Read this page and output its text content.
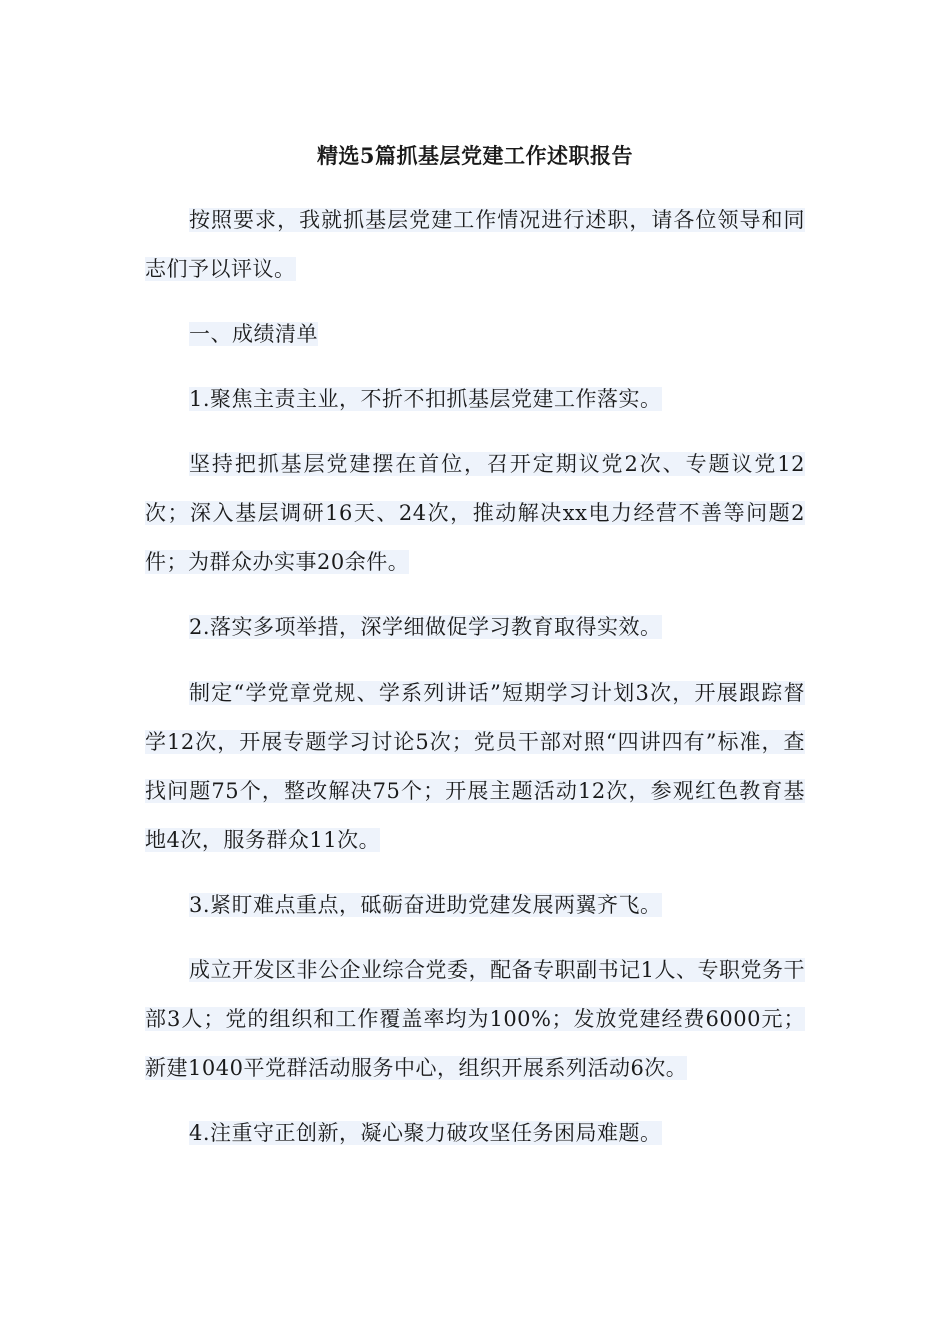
精选5篇抓基层党建工作述职报告
按照要求，我就抓基层党建工作情况进行述职，请各位领导和同志们予以评议。
一、成绩清单
1.聚焦主责主业，不折不扣抓基层党建工作落实。
坚持把抓基层党建摆在首位，召开定期议党2次、专题议党12次；深入基层调研16天、24次，推动解决xx电力经营不善等问题2件；为群众办实事20余件。
2.落实多项举措，深学细做促学习教育取得实效。
制定“学党章党规、学系列讲话”短期学习计划3次，开展跟踪督学12次，开展专题学习讨论5次；党员干部对照“四讲四有”标准，查找问题75个，整改解决75个；开展主题活动12次，参观红色教育基地4次，服务群众11次。
3.紧盯难点重点，砥砺奋进助党建发展两翼齐飞。
成立开发区非公企业综合党委，配备专职副书记1人、专职党务干部3人；党的组织和工作覆盖率均为100%；发放党建经费6000元；新建1040平党群活动服务中心，组织开展系列活动6次。
4.注重守正创新，凝心聚力破攻坚任务困局难题。
